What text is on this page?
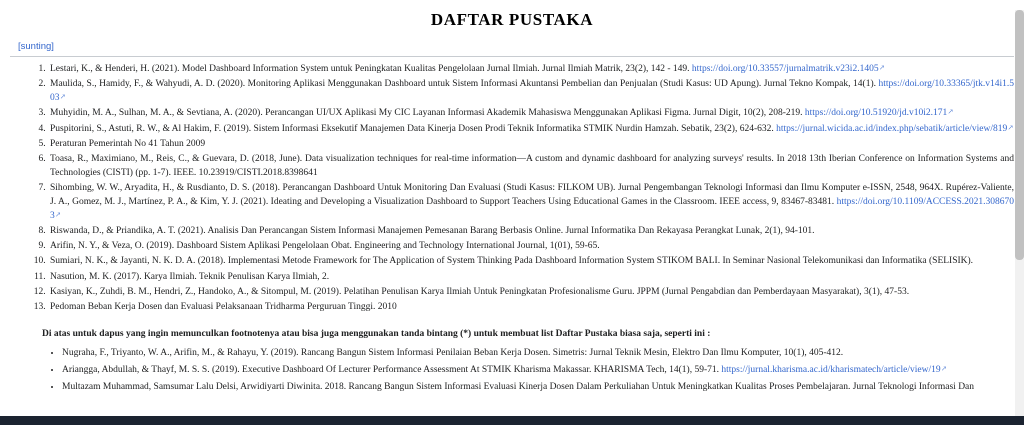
DAFTAR PUSTAKA
[sunting]
1. Lestari, K., & Henderi, H. (2021). Model Dashboard Information System untuk Peningkatan Kualitas Pengelolaan Jurnal Ilmiah. Jurnal Ilmiah Matrik, 23(2), 142 - 149. https://doi.org/10.33557/jurnalmatrik.v23i2.1405 🡕
2. Maulida, S., Hamidy, F., & Wahyudi, A. D. (2020). Monitoring Aplikasi Menggunakan Dashboard untuk Sistem Informasi Akuntansi Pembelian dan Penjualan (Studi Kasus: UD Apung). Jurnal Tekno Kompak, 14(1). https://doi.org/10.33365/jtk.v14i1.503 🡕
3. Muhyidin, M. A., Sulhan, M. A., & Sevtiana, A. (2020). Perancangan UI/UX Aplikasi My CIC Layanan Informasi Akademik Mahasiswa Menggunakan Aplikasi Figma. Jurnal Digit, 10(2), 208-219. https://doi.org/10.51920/jd.v10i2.171 🡕
4. Puspitorini, S., Astuti, R. W., & Al Hakim, F. (2019). Sistem Informasi Eksekutif Manajemen Data Kinerja Dosen Prodi Teknik Informatika STMIK Nurdin Hamzah. Sebatik, 23(2), 624-632. https://jurnal.wicida.ac.id/index.php/sebatik/article/view/819 🡕
5. Peraturan Pemerintah No 41 Tahun 2009
6. Toasa, R., Maximiano, M., Reis, C., & Guevara, D. (2018, June). Data visualization techniques for real-time information—A custom and dynamic dashboard for analyzing surveys' results. In 2018 13th Iberian Conference on Information Systems and Technologies (CISTI) (pp. 1-7). IEEE. 10.23919/CISTI.2018.8398641
7. Sihombing, W. W., Aryadita, H., & Rusdianto, D. S. (2018). Perancangan Dashboard Untuk Monitoring Dan Evaluasi (Studi Kasus: FILKOM UB). Jurnal Pengembangan Teknologi Informasi dan Ilmu Komputer e-ISSN, 2548, 964X. Rupérez-Valiente, J. A., Gomez, M. J., Martínez, P. A., & Kim, Y. J. (2021). Ideating and Developing a Visualization Dashboard to Support Teachers Using Educational Games in the Classroom. IEEE access, 9, 83467-83481. https://doi.org/10.1109/ACCESS.2021.3086703 🡕
8. Riswanda, D., & Priandika, A. T. (2021). Analisis Dan Perancangan Sistem Informasi Manajemen Pemesanan Barang Berbasis Online. Jurnal Informatika Dan Rekayasa Perangkat Lunak, 2(1), 94-101.
9. Arifin, N. Y., & Veza, O. (2019). Dashboard Sistem Aplikasi Pengelolaan Obat. Engineering and Technology International Journal, 1(01), 59-65.
10. Sumiari, N. K., & Jayanti, N. K. D. A. (2018). Implementasi Metode Framework for The Application of System Thinking Pada Dashboard Information System STIKOM BALI. In Seminar Nasional Telekomunikasi dan Informatika (SELISIK).
11. Nasution, M. K. (2017). Karya Ilmiah. Teknik Penulisan Karya Ilmiah, 2.
12. Kasiyan, K., Zuhdi, B. M., Hendri, Z., Handoko, A., & Sitompul, M. (2019). Pelatihan Penulisan Karya Ilmiah Untuk Peningkatan Profesionalisme Guru. JPPM (Jurnal Pengabdian dan Pemberdayaan Masyarakat), 3(1), 47-53.
13. Pedoman Beban Kerja Dosen dan Evaluasi Pelaksanaan Tridharma Perguruan Tinggi. 2010
Di atas untuk dapus yang ingin memunculkan footnotenya atau bisa juga menggunakan tanda bintang (*) untuk membuat list Daftar Pustaka biasa saja, seperti ini :
• Nugraha, F., Triyanto, W. A., Arifin, M., & Rahayu, Y. (2019). Rancang Bangun Sistem Informasi Penilaian Beban Kerja Dosen. Simetris: Jurnal Teknik Mesin, Elektro Dan Ilmu Komputer, 10(1), 405-412.
• Ariangga, Abdullah, & Thayf, M. S. S. (2019). Executive Dashboard Of Lecturer Performance Assessment At STMIK Kharisma Makassar. KHARISMA Tech, 14(1), 59-71. https://jurnal.kharisma.ac.id/kharismatech/article/view/19 🡕
• Multazam Muhammad, Samsumar Lalu Delsi, Arwidiyarti Diwinita. 2018. Rancang Bangun Sistem Informasi Evaluasi Kinerja Dosen Dalam Perkuliahan Untuk Meningkatkan Kualitas Proses Pembelajaran. Jurnal Teknologi Informasi Dan
